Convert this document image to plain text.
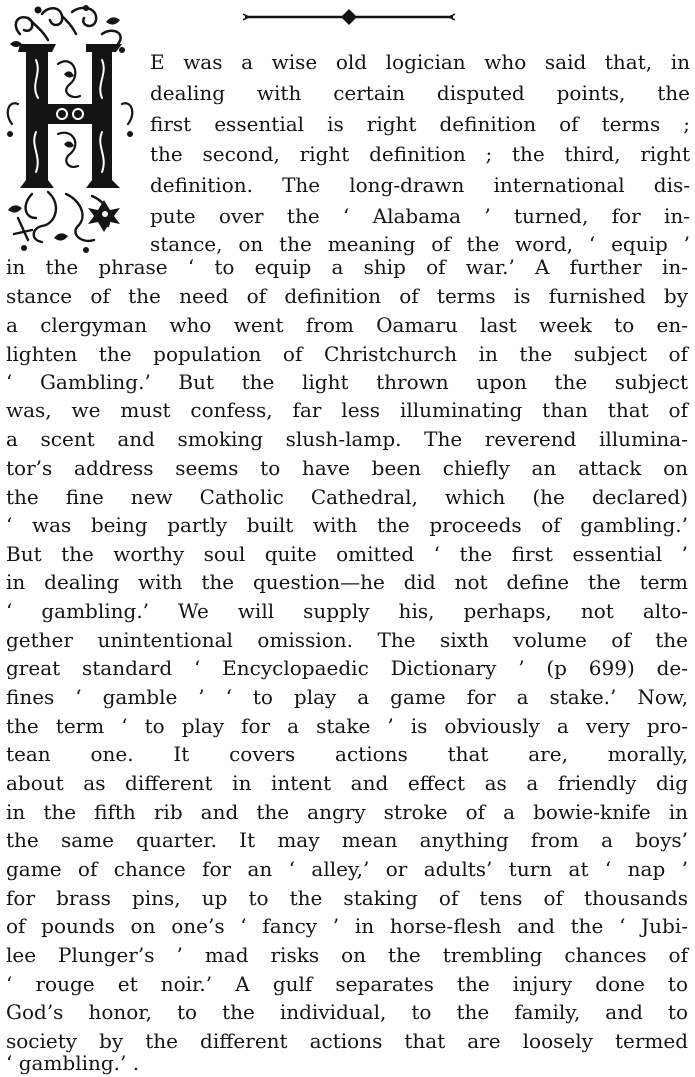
E was a wise old logician who said that, in
dealing with certain disputed points, the
first essential is right definition of terms ;
the second, right definition ; the third, right
definition. The long-drawn international dis-
pute over the ‘ Alabama ’ turned, for in-
stance, on the meaning of the word, ‘ equip ’
in the phrase ‘ to equip a ship of war.’ A further in-
stance of the need of definition of terms is furnished by
a clergyman who went from Oamaru last week to en-
lighten the population of Christchurch in the subject of
‘ Gambling.’ But the light thrown upon the subject
was, we must confess, far less illuminating than that of
a scent and smoking slush-lamp. The reverend illumina-
tor’s address seems to have been chiefly an attack on
the fine new Catholic Cathedral, which (he declared)
‘ was being partly built with the proceeds of gambling.’
But the worthy soul quite omitted ‘ the first essential ’
in dealing with the question—he did not define the term
‘ gambling.’ We will supply his, perhaps, not alto-
gether unintentional omission. The sixth volume of the
great standard ‘ Encyclopaedic Dictionary ’ (p 699) de-
fines ‘ gamble ’ ‘ to play a game for a stake.’ Now,
the term ‘ to play for a stake ’ is obviously a very pro-
tean one. It covers actions that are, morally,
about as different in intent and effect as a friendly dig
in the fifth rib and the angry stroke of a bowie-knife in
the same quarter. It may mean anything from a boys’
game of chance for an ‘ alley,’ or adults’ turn at ‘ nap ’
for brass pins, up to the staking of tens of thousands
of pounds on one’s ‘ fancy ’ in horse-flesh and the ‘ Jubi-
lee Plunger’s ’ mad risks on the trembling chances of
‘ rouge et noir.’ A gulf separates the injury done to
God’s honor, to the individual, to the family, and to
society by the different actions that are loosely termed
‘ gambling.’ .
